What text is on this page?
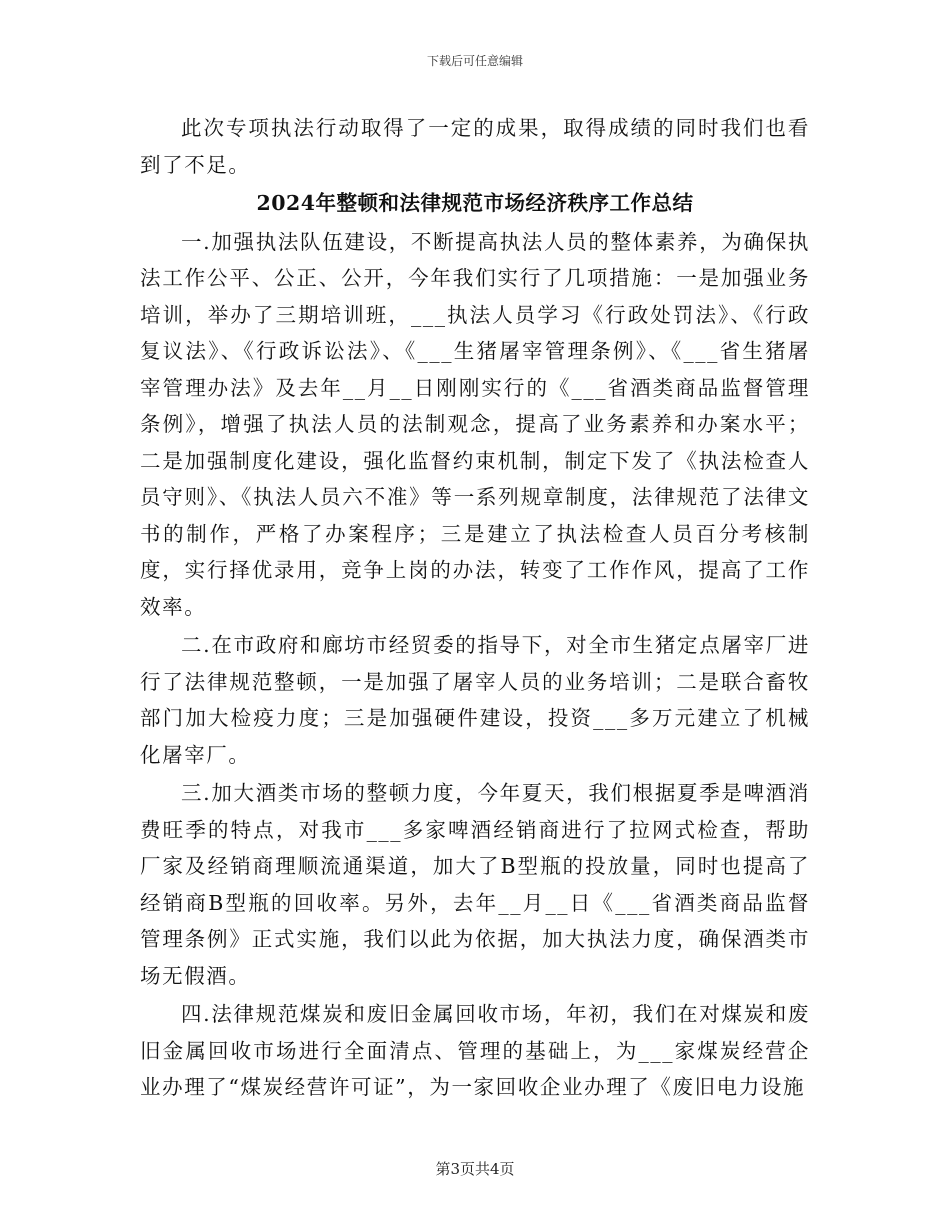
下载后可任意编辑

此次专项执法行动取得了一定的成果，取得成绩的同时我们也看到了不足。

2024年整顿和法律规范市场经济秩序工作总结

一.加强执法队伍建设，不断提高执法人员的整体素养，为确保执法工作公平、公正、公开，今年我们实行了几项措施：一是加强业务培训，举办了三期培训班，___执法人员学习《行政处罚法》、《行政复议法》、《行政诉讼法》、《___生猪屠宰管理条例》、《___省生猪屠宰管理办法》及去年__月__日刚刚实行的《___省酒类商品监督管理条例》，增强了执法人员的法制观念，提高了业务素养和办案水平；二是加强制度化建设，强化监督约束机制，制定下发了《执法检查人员守则》、《执法人员六不准》等一系列规章制度，法律规范了法律文书的制作，严格了办案程序；三是建立了执法检查人员百分考核制度，实行择优录用，竞争上岗的办法，转变了工作作风，提高了工作效率。

二.在市政府和廊坊市经贸委的指导下，对全市生猪定点屠宰厂进行了法律规范整顿，一是加强了屠宰人员的业务培训；二是联合畜牧部门加大检疫力度；三是加强硬件建设，投资___多万元建立了机械化屠宰厂。

三.加大酒类市场的整顿力度，今年夏天，我们根据夏季是啤酒消费旺季的特点，对我市___多家啤酒经销商进行了拉网式检查，帮助厂家及经销商理顺流通渠道，加大了B型瓶的投放量，同时也提高了经销商B型瓶的回收率。另外，去年__月__日《___省酒类商品监督管理条例》正式实施，我们以此为依据，加大执法力度，确保酒类市场无假酒。

四.法律规范煤炭和废旧金属回收市场，年初，我们在对煤炭和废旧金属回收市场进行全面清点、管理的基础上，为___家煤炭经营企业办理了“煤炭经营许可证”，为一家回收企业办理了《废旧电力设施

第3页共4页
